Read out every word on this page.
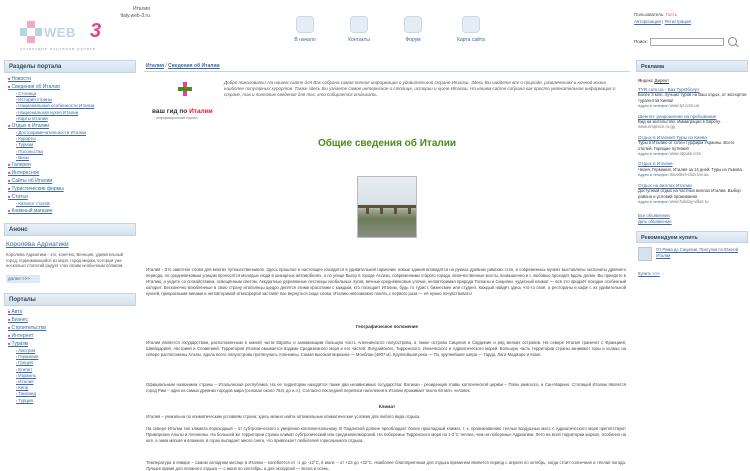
Италия
Italy.web-3.ru
WEB 3
созвездие порталов рунета
В начало	Контакты	Форум	Карта сайта
Пользователь: Гость
Авторизация | Регистрация
Поиск:
Разделы портала
■ Новости
■ Сведения об Италии
▪ Столица
▪ История страны
▪ Национальные особенности Италии
▪ Национальная кухня Италии
▪ Карты Италии
■ Отдых в Италии
▪ Достопримечательности Италии
▪ Курорты
▪ Туризм
▪ Посольства
▪ Визы
■ Галерея
■ Интересное
■ Сайты об Италии
■ Туристические фирмы
■ Статьи
▪ Каталог статей
■ Книжный магазин
Анонс
Королева Адриатики
Королева Адриатики - это, конечно, Венеция, удивительный город, поднимающийся из моря, город-мираж, который уже несколько столетий радует глаз своим необычным обликом.
далее >>>
Порталы
■ Авто
■ Бизнес
■ Строительство
■ Интернет
■ Туризм
▪ Австрия
▪ Германия
▪ Греция
▪ Египет
▪ Израиль
▪ Италия
▪ Кипр
▪ Таиланд
▪ Турция
Италия / Сведения об Италии
ваш гид по Италии
информационный портал
Добро пожаловать! На нашем сайте для Вас собрана самая полная информация о удивительной стране Италии. Здесь Вы найдете все о природе, развлечениях и ночной жизни наиболее популярных курортов. Также здесь Вы узнаете самое интересное о столице, истории и кухне Италии. На нашем сайте собрана как просто увлекательная информация о стране, так и полезные сведения для тех, кто собирается отдыхать.
Общие сведения об Италии
Италия - Это заветное слово для многих путешественников. Здесь прошлое и настоящее находится в удивительной гармонии: новые здания возводятся на руинах древних римских стен, в современных музеях выставлены экспонаты древнего периода, по средневековым улицам проносятся молодые люди в шикарных автомобилях, а по улице Вьеху в городе Ассизи, современники старого города, величественные мосты, возвышенно и с любовью проходят вдоль долин. Вы приедете в Италию, а уедете со спокойствием, освещённым светом. Аккуратные деревянные лестницы изобильных лугов, вечные средневековые улочки, неповторимая природа Тосканы и Сицилии, чудесный климат — всё это придаёт поездке особенный колорит. Бесконечно влюблённые в свою страну итальянцы щедро делятся этими красотами с каждым, кто посещает Италию, будь то турист, бизнесмен или студент. Каждый найдёт здесь что-то своё, а рестораны и кафе с их удивительной кухней, прекрасными винами и неповторимой атмосферой заставят вас вернуться сюда снова. Италию невозможно понять с первого раза — её нужно почувствовать!
Географическое положение
Италия является государством, расположенным в южной части Европы и занимающим большую часть Апеннинского полуострова, а также острова Сицилия и Сардиния и ряд мелких островов. На севере Италия граничит с Францией, Швейцарией, Австрией и Словенией. Территория Италии омывается водами Средиземного моря и его частей: Лигурийского, Тирренского, Ионического и Адриатического морей. Большую часть территории страны занимают горы и холмы; на севере расположены Альпы, вдоль всего полуострова протянулись Апеннины. Самая высокая вершина — Монблан (4807 м). Крупнейшая река — По, крупнейшие озёра — Гарда, Лаго-Маджоре и Комо.
Официальным названием страны – Итальянская республика. На ее территории находятся также два независимых государства: Ватикан - резиденция главы католической церкви – Папы римского, и Сан-Марино. Столицей Италии является город Рим – один из самых древних городов мира (основан около 753г. до н.э.). Согласно последней переписи населения в Италии проживает около 60 млн. человек.
Климат
Италия – уникальна по климатическим условиям страна: здесь можно найти оптимальные климатические условия для любого вида отдыха.
На севере Италии тип климата переходный – от субтропического к умеренно-континентальному. В Паданской долине преобладает более прохладный климат, т. к. проникновению теплых воздушных масс с Адриатического моря препятствуют Приморские Альпы и Апеннины. На большей же территории страны климат субтропический или средиземноморский. На побережье Тирренского моря на 1-2°С теплее, чем на побережье Адриатики. Лето на всей территории жаркое, особенно на юге, а зима мягкая и влажная, в горах выпадает много снега, что привлекает любителей горнолыжного отдыха.
Температура в январе – самом холодном месяце в Италии – колеблется от -1 до -12°С, в июле – от +23 до +32°С. Наиболее благоприятным для отдыха временем является период с апреля по октябрь, когда стоит солнечная и тёплая погода. Лучшее время для пляжного отдыха — с июня по сентябрь, а для экскурсий — весна и осень.
Реклама
Яндекс Директ
TYR.com.ua - Баз ТурОбсерт
Более 3 млн. лучших туров на Ваш отдых, от экспортов турагентов Киева!
Адрес и телефон www.tyr.com.ua
Шенген: разрешение на пребывание
Вид на жительство. Иммиграция в Европу.
www.emprece.ro.gg
Отдых в Италии!! Туры из Киева
Туры в Италию от сотен турфирм Украины. Всего отелей. Горящие путевки!!
Адрес и телефон www.otpusk.com
Отдых в Италии
Чехия, Германия, Италия за 14 дней. Туры из Львова.
Адрес и телефон travellers-club.lviv.ua
Отдых на виллах Италии
Доступный отдых на частных виллах Италии. Выбор района и условий проживания.
Адрес и телефон www.holiday-villas.ru
Все объявления
Дать объявление
Рекомендуем купить
От Рима до Сицилии. Прогулки по Южной Италии
Купить >>>
